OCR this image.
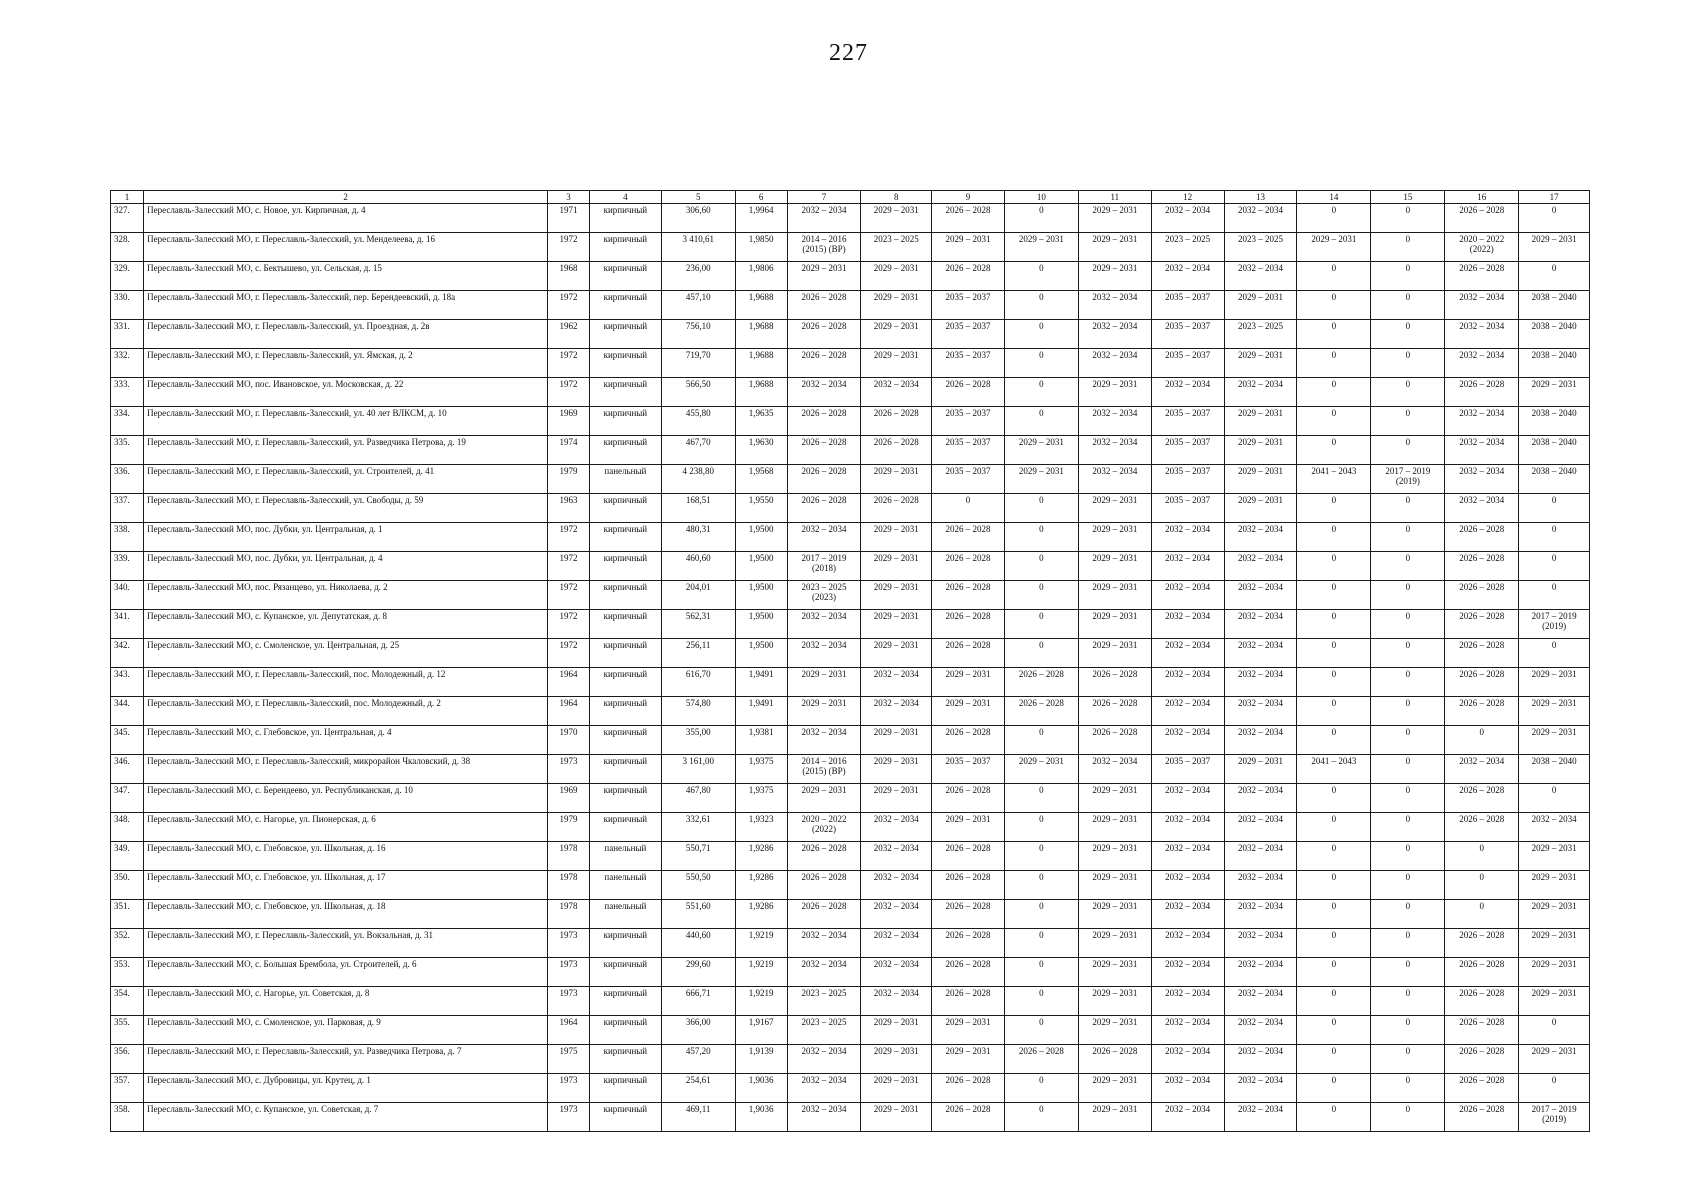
227
1	2	3	4	5	6	7	8	9	10	11	12	13	14	15	16	17
327.	Переславль-Залесский МО, с. Новое, ул. Кирпичная, д. 4	1971	кирпичный	306,60	1,9964	2032 – 2034	2029 – 2031	2026 – 2028	0	2029 – 2031	2032 – 2034	2032 – 2034	0	0	2026 – 2028	0
328.	Переславль-Залесский МО, г. Переславль-Залесский, ул. Менделеева, д. 16	1972	кирпичный	3 410,61	1,9850	2014 – 2016 (2015) (ВР)	2023 – 2025	2029 – 2031	2029 – 2031	2029 – 2031	2023 – 2025	2023 – 2025	2029 – 2031	0	2020 – 2022 (2022)	2029 – 2031
329.	Переславль-Залесский МО, с. Бектышево, ул. Сельская, д. 15	1968	кирпичный	236,00	1,9806	2029 – 2031	2029 – 2031	2026 – 2028	0	2029 – 2031	2032 – 2034	2032 – 2034	0	0	2026 – 2028	0
330.	Переславль-Залесский МО, г. Переславль-Залесский, пер. Берендеевский, д. 18а	1972	кирпичный	457,10	1,9688	2026 – 2028	2029 – 2031	2035 – 2037	0	2032 – 2034	2035 – 2037	2029 – 2031	0	0	2032 – 2034	2038 – 2040
331.	Переславль-Залесский МО, г. Переславль-Залесский, ул. Проездная, д. 2в	1962	кирпичный	756,10	1,9688	2026 – 2028	2029 – 2031	2035 – 2037	0	2032 – 2034	2035 – 2037	2023 – 2025	0	0	2032 – 2034	2038 – 2040
332.	Переславль-Залесский МО, г. Переславль-Залесский, ул. Ямская, д. 2	1972	кирпичный	719,70	1,9688	2026 – 2028	2029 – 2031	2035 – 2037	0	2032 – 2034	2035 – 2037	2029 – 2031	0	0	2032 – 2034	2038 – 2040
333.	Переславль-Залесский МО, пос. Ивановское, ул. Московская, д. 22	1972	кирпичный	566,50	1,9688	2032 – 2034	2032 – 2034	2026 – 2028	0	2029 – 2031	2032 – 2034	2032 – 2034	0	0	2026 – 2028	2029 – 2031
334.	Переславль-Залесский МО, г. Переславль-Залесский, ул. 40 лет ВЛКСМ, д. 10	1969	кирпичный	455,80	1,9635	2026 – 2028	2026 – 2028	2035 – 2037	0	2032 – 2034	2035 – 2037	2029 – 2031	0	0	2032 – 2034	2038 – 2040
335.	Переславль-Залесский МО, г. Переславль-Залесский, ул. Разведчика Петрова, д. 19	1974	кирпичный	467,70	1,9630	2026 – 2028	2026 – 2028	2035 – 2037	2029 – 2031	2032 – 2034	2035 – 2037	2029 – 2031	0	0	2032 – 2034	2038 – 2040
336.	Переславль-Залесский МО, г. Переславль-Залесский, ул. Строителей, д. 41	1979	панельный	4 238,80	1,9568	2026 – 2028	2029 – 2031	2035 – 2037	2029 – 2031	2032 – 2034	2035 – 2037	2029 – 2031	2041 – 2043	2017 – 2019 (2019)	2032 – 2034	2038 – 2040
337.	Переславль-Залесский МО, г. Переславль-Залесский, ул. Свободы, д. 59	1963	кирпичный	168,51	1,9550	2026 – 2028	2026 – 2028	0	0	2029 – 2031	2035 – 2037	2029 – 2031	0	0	2032 – 2034	0
338.	Переславль-Залесский МО, пос. Дубки, ул. Центральная, д. 1	1972	кирпичный	480,31	1,9500	2032 – 2034	2029 – 2031	2026 – 2028	0	2029 – 2031	2032 – 2034	2032 – 2034	0	0	2026 – 2028	0
339.	Переславль-Залесский МО, пос. Дубки, ул. Центральная, д. 4	1972	кирпичный	460,60	1,9500	2017 – 2019 (2018)	2029 – 2031	2026 – 2028	0	2029 – 2031	2032 – 2034	2032 – 2034	0	0	2026 – 2028	0
340.	Переславль-Залесский МО, пос. Рязанцево, ул. Николаева, д. 2	1972	кирпичный	204,01	1,9500	2023 – 2025 (2023)	2029 – 2031	2026 – 2028	0	2029 – 2031	2032 – 2034	2032 – 2034	0	0	2026 – 2028	0
341.	Переславль-Залесский МО, с. Купанское, ул. Депутатская, д. 8	1972	кирпичный	562,31	1,9500	2032 – 2034	2029 – 2031	2026 – 2028	0	2029 – 2031	2032 – 2034	2032 – 2034	0	0	2026 – 2028	2017 – 2019 (2019)
342.	Переславль-Залесский МО, с. Смоленское, ул. Центральная, д. 25	1972	кирпичный	256,11	1,9500	2032 – 2034	2029 – 2031	2026 – 2028	0	2029 – 2031	2032 – 2034	2032 – 2034	0	0	2026 – 2028	0
343.	Переславль-Залесский МО, г. Переславль-Залесский, пос. Молодежный, д. 12	1964	кирпичный	616,70	1,9491	2029 – 2031	2032 – 2034	2029 – 2031	2026 – 2028	2026 – 2028	2032 – 2034	2032 – 2034	0	0	2026 – 2028	2029 – 2031
344.	Переславль-Залесский МО, г. Переславль-Залесский, пос. Молодежный, д. 2	1964	кирпичный	574,80	1,9491	2029 – 2031	2032 – 2034	2029 – 2031	2026 – 2028	2026 – 2028	2032 – 2034	2032 – 2034	0	0	2026 – 2028	2029 – 2031
345.	Переславль-Залесский МО, с. Глебовское, ул. Центральная, д. 4	1970	кирпичный	355,00	1,9381	2032 – 2034	2029 – 2031	2026 – 2028	0	2026 – 2028	2032 – 2034	2032 – 2034	0	0	0	2029 – 2031
346.	Переславль-Залесский МО, г. Переславль-Залесский, микрорайон Чкаловский, д. 38	1973	кирпичный	3 161,00	1,9375	2014 – 2016 (2015) (ВР)	2029 – 2031	2035 – 2037	2029 – 2031	2032 – 2034	2035 – 2037	2029 – 2031	2041 – 2043	0	2032 – 2034	2038 – 2040
347.	Переславль-Залесский МО, с. Берендеево, ул. Республиканская, д. 10	1969	кирпичный	467,80	1,9375	2029 – 2031	2029 – 2031	2026 – 2028	0	2029 – 2031	2032 – 2034	2032 – 2034	0	0	2026 – 2028	0
348.	Переславль-Залесский МО, с. Нагорье, ул. Пионерская, д. 6	1979	кирпичный	332,61	1,9323	2020 – 2022 (2022)	2032 – 2034	2029 – 2031	0	2029 – 2031	2032 – 2034	2032 – 2034	0	0	2026 – 2028	2032 – 2034
349.	Переславль-Залесский МО, с. Глебовское, ул. Школьная, д. 16	1978	панельный	550,71	1,9286	2026 – 2028	2032 – 2034	2026 – 2028	0	2029 – 2031	2032 – 2034	2032 – 2034	0	0	0	2029 – 2031
350.	Переславль-Залесский МО, с. Глебовское, ул. Школьная, д. 17	1978	панельный	550,50	1,9286	2026 – 2028	2032 – 2034	2026 – 2028	0	2029 – 2031	2032 – 2034	2032 – 2034	0	0	0	2029 – 2031
351.	Переславль-Залесский МО, с. Глебовское, ул. Школьная, д. 18	1978	панельный	551,60	1,9286	2026 – 2028	2032 – 2034	2026 – 2028	0	2029 – 2031	2032 – 2034	2032 – 2034	0	0	0	2029 – 2031
352.	Переславль-Залесский МО, г. Переславль-Залесский, ул. Вокзальная, д. 31	1973	кирпичный	440,60	1,9219	2032 – 2034	2032 – 2034	2026 – 2028	0	2029 – 2031	2032 – 2034	2032 – 2034	0	0	2026 – 2028	2029 – 2031
353.	Переславль-Залесский МО, с. Большая Брембола, ул. Строителей, д. 6	1973	кирпичный	299,60	1,9219	2032 – 2034	2032 – 2034	2026 – 2028	0	2029 – 2031	2032 – 2034	2032 – 2034	0	0	2026 – 2028	2029 – 2031
354.	Переславль-Залесский МО, с. Нагорье, ул. Советская, д. 8	1973	кирпичный	666,71	1,9219	2023 – 2025	2032 – 2034	2026 – 2028	0	2029 – 2031	2032 – 2034	2032 – 2034	0	0	2026 – 2028	2029 – 2031
355.	Переславль-Залесский МО, с. Смоленское, ул. Парковая, д. 9	1964	кирпичный	366,00	1,9167	2023 – 2025	2029 – 2031	2029 – 2031	0	2029 – 2031	2032 – 2034	2032 – 2034	0	0	2026 – 2028	0
356.	Переславль-Залесский МО, г. Переславль-Залесский, ул. Разведчика Петрова, д. 7	1975	кирпичный	457,20	1,9139	2032 – 2034	2029 – 2031	2029 – 2031	2026 – 2028	2026 – 2028	2032 – 2034	2032 – 2034	0	0	2026 – 2028	2029 – 2031
357.	Переславль-Залесский МО, с. Дубровицы, ул. Крутец, д. 1	1973	кирпичный	254,61	1,9036	2032 – 2034	2029 – 2031	2026 – 2028	0	2029 – 2031	2032 – 2034	2032 – 2034	0	0	2026 – 2028	0
358.	Переславль-Залесский МО, с. Купанское, ул. Советская, д. 7	1973	кирпичный	469,11	1,9036	2032 – 2034	2029 – 2031	2026 – 2028	0	2029 – 2031	2032 – 2034	2032 – 2034	0	0	2026 – 2028	2017 – 2019 (2019)
